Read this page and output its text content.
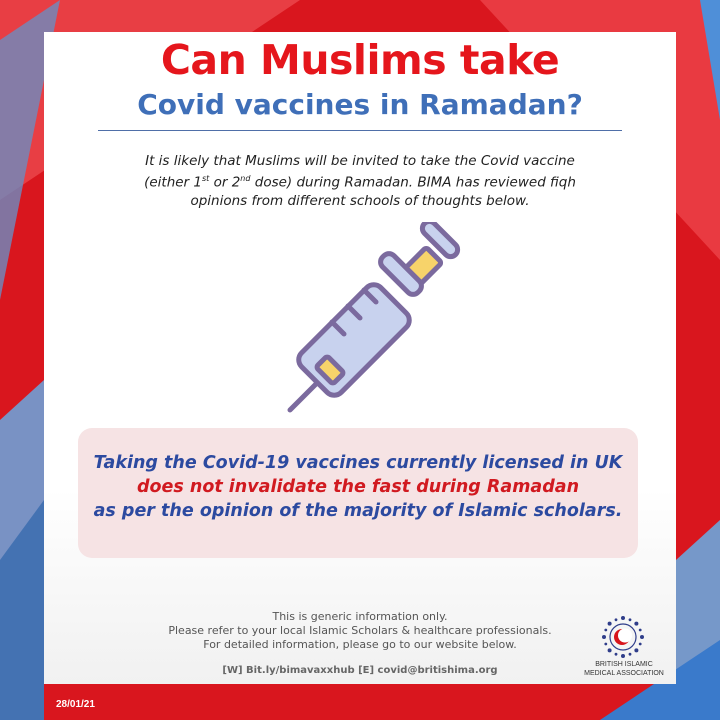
Can Muslims take
Covid vaccines in Ramadan?
It is likely that Muslims will be invited to take the Covid vaccine
(either 1st or 2nd dose) during Ramadan. BIMA has reviewed fiqh
opinions from different schools of thoughts below.
Taking the Covid-19 vaccines currently licensed in UK
does not invalidate the fast during Ramadan
as per the opinion of the majority of Islamic scholars.
This is generic information only.
Please refer to your local Islamic Scholars & healthcare professionals.
For detailed information, please go to our website below.
[W] Bit.ly/bimavaxxhub [E] covid@britishima.org
BRITISH ISLAMIC
MEDICAL ASSOCIATION
28/01/21
